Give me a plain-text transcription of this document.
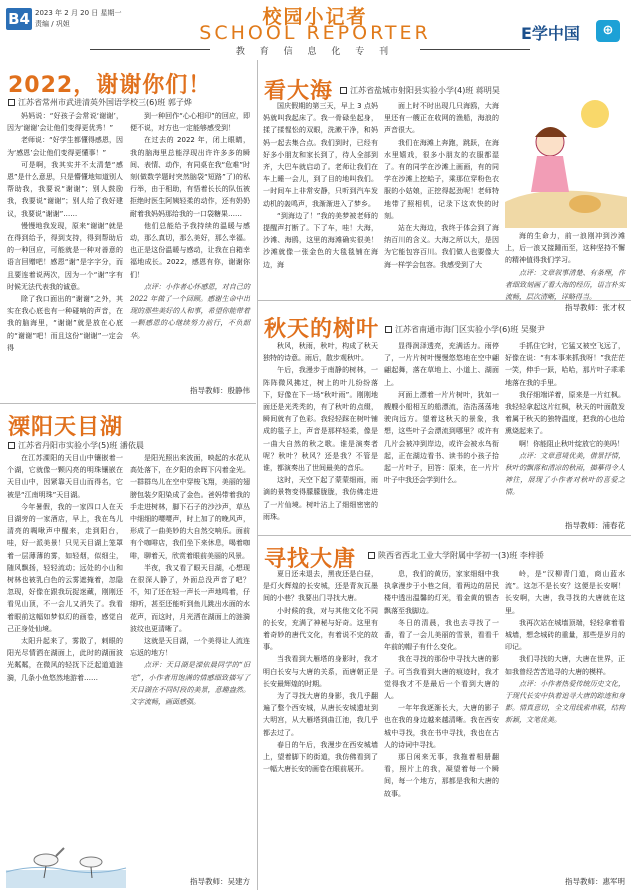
B4 2023 年 2 月 20 日 星期一
责编 / 巩妲	校园小记者
SCHOOL REPORTER
教 育 信 息 化 专 刊
E学中国	⊕
2022，谢谢你们！
江苏省常州市武进清英外国语学校三(6)班 郭子烨

妈妈说：“好孩子会常说‘谢谢’，因为‘谢谢’会让他们变得更优秀！”

老师说：“好学生都懂得感恩，因为‘感恩’会让他们变得更懂事！”

可是啊，我其实并不太清楚“感恩”是什么意思，只是懵懂地知道别人帮助我，我要说“谢谢”；别人鼓励我，我要说“谢谢”；别人给了我好建议，我要说“谢谢”……

慢慢地我发现，原来“谢谢”就是在得到给予，得到支持，得到帮助后的一种回应，可能就是一种对善意的语言回赠吧！感恩“谢”是字字分，而且要连着说两次，因为一个“谢”字有时候无法代表我的诚意。

除了我口面出的“谢谢”之外，其实在我心底也有一种碰响的声音，在我的脑海里，“谢谢”就是放在心底的“谢谢”吧！而且这份“谢谢”一定会得

到一种回作“心心相印”的回应，即便不说，对方也一定能够感受到！

在过去的 2022 年，闭上眼睛，我的脑海里总能浮现出许许多多的瞬间、表情、动作，有同桌在我“危难”时刻(做数学题时突然脑袋“短路”了)的私行举，由于相助，有悟着长长的队伍被拒绝时医生阿姨轻柔的动作，还有奶奶耐着我妈妈那给我的一口袋糖果……

他们总能给予我持续的温暖与感动，那么真切，那么美好，那么幸福。也正是这份温暖与感动，让我在自箱幸福地成长。2022，感恩有你，谢谢你们！

点评：小作者心怀感恩，对自己的 2022 年做了一个回顾。感谢生命中出现的那些美好的人和事，希望你能带着一颗感恩的心继续努力前行，不负韶华。

指导教师：殷静伟
溧阳天目湖
江苏省丹阳市实验小学(5)班 潘依晨

在江苏溧阳的天目山中镶嵌着一个湖，它就像一颗闪亮的明珠镶嵌在天目山中，因紧靠天目山而得名，它被是“江南明珠”天目湖。

今年暑假，我的一家四口人在天目湖旁的一家酒店，早上，我在鸟儿清亮的啁啾声中醒来，走到阳台，哇，好一派美景！只见天目湖上笼罩着一层薄薄的雾，如轻烟，似细尘，随风飘扬，轻轻流动；远处的小山和树林也被乳白色的云雾遮掩着，忽隐忽现，好像在跟我玩捉迷藏，刚刚还看见山顶，不一会儿又消失了。我看着眼前这幅如梦似幻的画卷，感觉自己正身处仙境。

太阳升起来了，雾散了，刺眼的阳光尽情洒在湖面上，此时的湖面波光粼粼，在微风的轻抚下泛起道道涟漪，几条小鱼悠然地游着……

是阳光照出来波面，映起的水花从高处落下，在夕阳的余晖下闪着金光。一群群鸟儿在空中穿梭飞翔，美丽的翅膀包装夕阳染成了金色。爸妈带着我的手走进树林，脚下石子的沙沙声，草丛中细细的嘤嘤声，时上加了的晚风声，形成了一曲美妙的大自然交响乐。面前有个咖啡店，我们坐下来休息，喝着咖啡，聊着天，欣赏着眼前美丽的风景。

半夜，我又看了眼天目湖，心想现在很深人静了，外面总没声音了吧？不，知了还在轻一声长一声地鸣着，仔细听，甚至还能听到鱼儿跳出水面的水花声，而这时，月光洒在湖面上的涟漪波纹也更清晰了。

这就是天目湖，一个美得让人流连忘返的地方！

点评：天目湖是溧依晨同学的“旧宅”，小作者用饱满的情感细致描写了天目湖在不同时段的美景，意趣盎然。文字流畅，画面感强。

指导教师：吴建方
看大海	江苏省盐城市射阳县实验小学(4)班 蒋明昊

国庆假期的第三天，早上 3 点妈妈就叫我起床了。我一骨碌坐起身，揉了揉惺忪的双眼，洗漱干净，和妈妈一起去集合点。我们到时，已经有好多小朋友和家长到了，待人全部到齐，大巴车就启动了。老师让我们在车上睡一会儿，到了目的地叫我们。一时间车上非常安静，只听到汽车发动机的轰鸣声，我渐渐进入了梦乡。

“到海边了！”我的美梦被老师的提醒声打断了。下了车，哇！大海，沙滩、海鸥，这里的海滩确实很美！沙滩就像一张金色的大毯毯铺在海边，海

面上时不时出现几只海鸥，大海里还有一艘正在收网的渔船，海浪的声音很大。

我们在海滩上奔跑，跳跃，在海水里嬉戏，很多小朋友的衣服都湿了。有的同学在沙滩上画画，有的同学在沙滩上挖蛤子，乘那位穿粉色衣服的小姑娘，正挖得起劲呢！老师特地带了照相机，记录下这欢快的时刻。

站在大海边，我终于体会到了海纳百川的含义。大海之所以大，是因为它能包容百川。我们做人也要像大海一样学会包容。我感受到了大

海的生命力，前一浪刚冲到沙滩上，后一浪又接踵而至，这种坚持不懈的精神值得我们学习。

点评：文章叙事清楚、有条理，作者细致刻画了看大海的经历，语言朴实流畅，层次清晰，详略得当。

指导教师：张才权
秋天的树叶	江苏省南通市海门区实验小学(6)班 吴聚尹

秋风，秋雨，秋叶，构成了秋天独特的诗意。雨后，散步观秋叶。

午后，我漫步于南静的树林，一阵阵微风拂过，树上的叶儿纷纷落下，好像在下一场“秋叶雨”。刚刚地面还是光秃秃的，有了秋叶的点缀，瞬间就有了色彩。我轻轻踩在树叶铺成的毯子上，声音是那样轻柔，像是一曲大自然的秋之歌。谁是演奏者呢？秋叶？秋风？还是我？不管是谁，都演奏出了世间最美的音乐。

这时，天空下起了蒙蒙细雨，雨滴的景物变得朦朦胧胧，我仿佛走进了一片仙境。树叶沾上了细细密密的雨珠。

显得润泽透亮，充满活力。雨停了，一片片树叶慢慢悠悠地在空中翩翩起舞，落在草地上、小道上、湖面上。

河面上漂着一片片树叶，犹如一艘艘小船相互的船漂流，浩浩荡荡地驶向远方。望着这秋天的景象，我想，这些叶子会漂流到哪里？或许有几片会被冲到岸边，或许会被水鸟衔起，正在湖边看书、读书的小孩子拾起一片叶子，回答：原来，在一片片叶子中我还会学到什么。

手抓住它时，它猛又被空飞远了，好像在说：“有本事来抓我呀！”我茫茫一笑，伸手一跃，哈哈，那片叶子乖乖地落在我的手里。

我仔细端详着，原来是一片红枫。我轻轻拿起这片红枫，秋天的叶面散发着属于秋天的独特温度，把我的心也给熏烧起来了。

啊！你能阻止秋叶绽放它的美吗！

点评：文章意境优美，借景抒情，秋叶的飘落和清凉的秋雨，描摹得令人神往，展现了小作者对秋叶的喜爱之情。

指导教师：浦春花
寻找大唐	陕西省西北工业大学附属中学初一(3)班 李梓骄

夏日还未退去，黑夜还是白昼，是灯火辉煌的长安城，还是青灰瓦墨间的小巷？我要出门寻找大唐。

小时候的我，对与其他文化不同的长安，充满了神秘与好奇。这里有着奇妙的唐代文化，有着说不完的故事。

当我看到大雁塔的身影时，我才明白长安与大唐的关系，而唐朝正是长安最辉煌的时期。

为了寻找大唐的身影，我几乎翻遍了整个西安城，从唐长安城遗址到大明宫，从大雁塔到曲江池，我几乎都去过了。

春日的午后，我漫步在西安城墙上，望着脚下的街道，我仿佛看到了一幅大唐长安的画卷在眼前展开。

息，我们的黄历，家家细细中我执拿漫步于小巷之间，看两边的居民楼中透出温馨的灯光，看金黄的银杏飘落至我脚边。

冬日的清晨，我也去寻找了一番，看了一会儿美丽的雪景，看看千年前的帽子有什么变化。

我在寻找的那份中寻找大唐的影子。可当我看到大唐的痕迹时，我才觉得我才不是最后一个看到大唐的人。

一年年我逐渐长大，大唐的影子也在我的身边越来越清晰。我在西安城中寻找，我在书中寻找，我也在古人的诗词中寻找。

那日闲来无事，我拖着相册翻看，照片上的我，凝望着每一个瞬间，每一个地方，那都是我和大唐的故事。

岭，是“汉柳青门道，商山蓝水流”。这怎不是长安？这便是长安啊！长安啊，大唐，我寻找的大唐就在这里。

我再次站在城墙顶端，轻轻拿着看城墙，想念城砖的重量，那些是岁月的印记。

我们寻找的大唐，大唐在世界，正如我曾经苦苦追寻的大唐的模样。

点评：小作者热爱传统历史文化，于现代长安中执着追寻大唐的踪迹和身影。情真意切，全文用线索串联，结构新颖，文笔优美。

指导教师：惠军明
